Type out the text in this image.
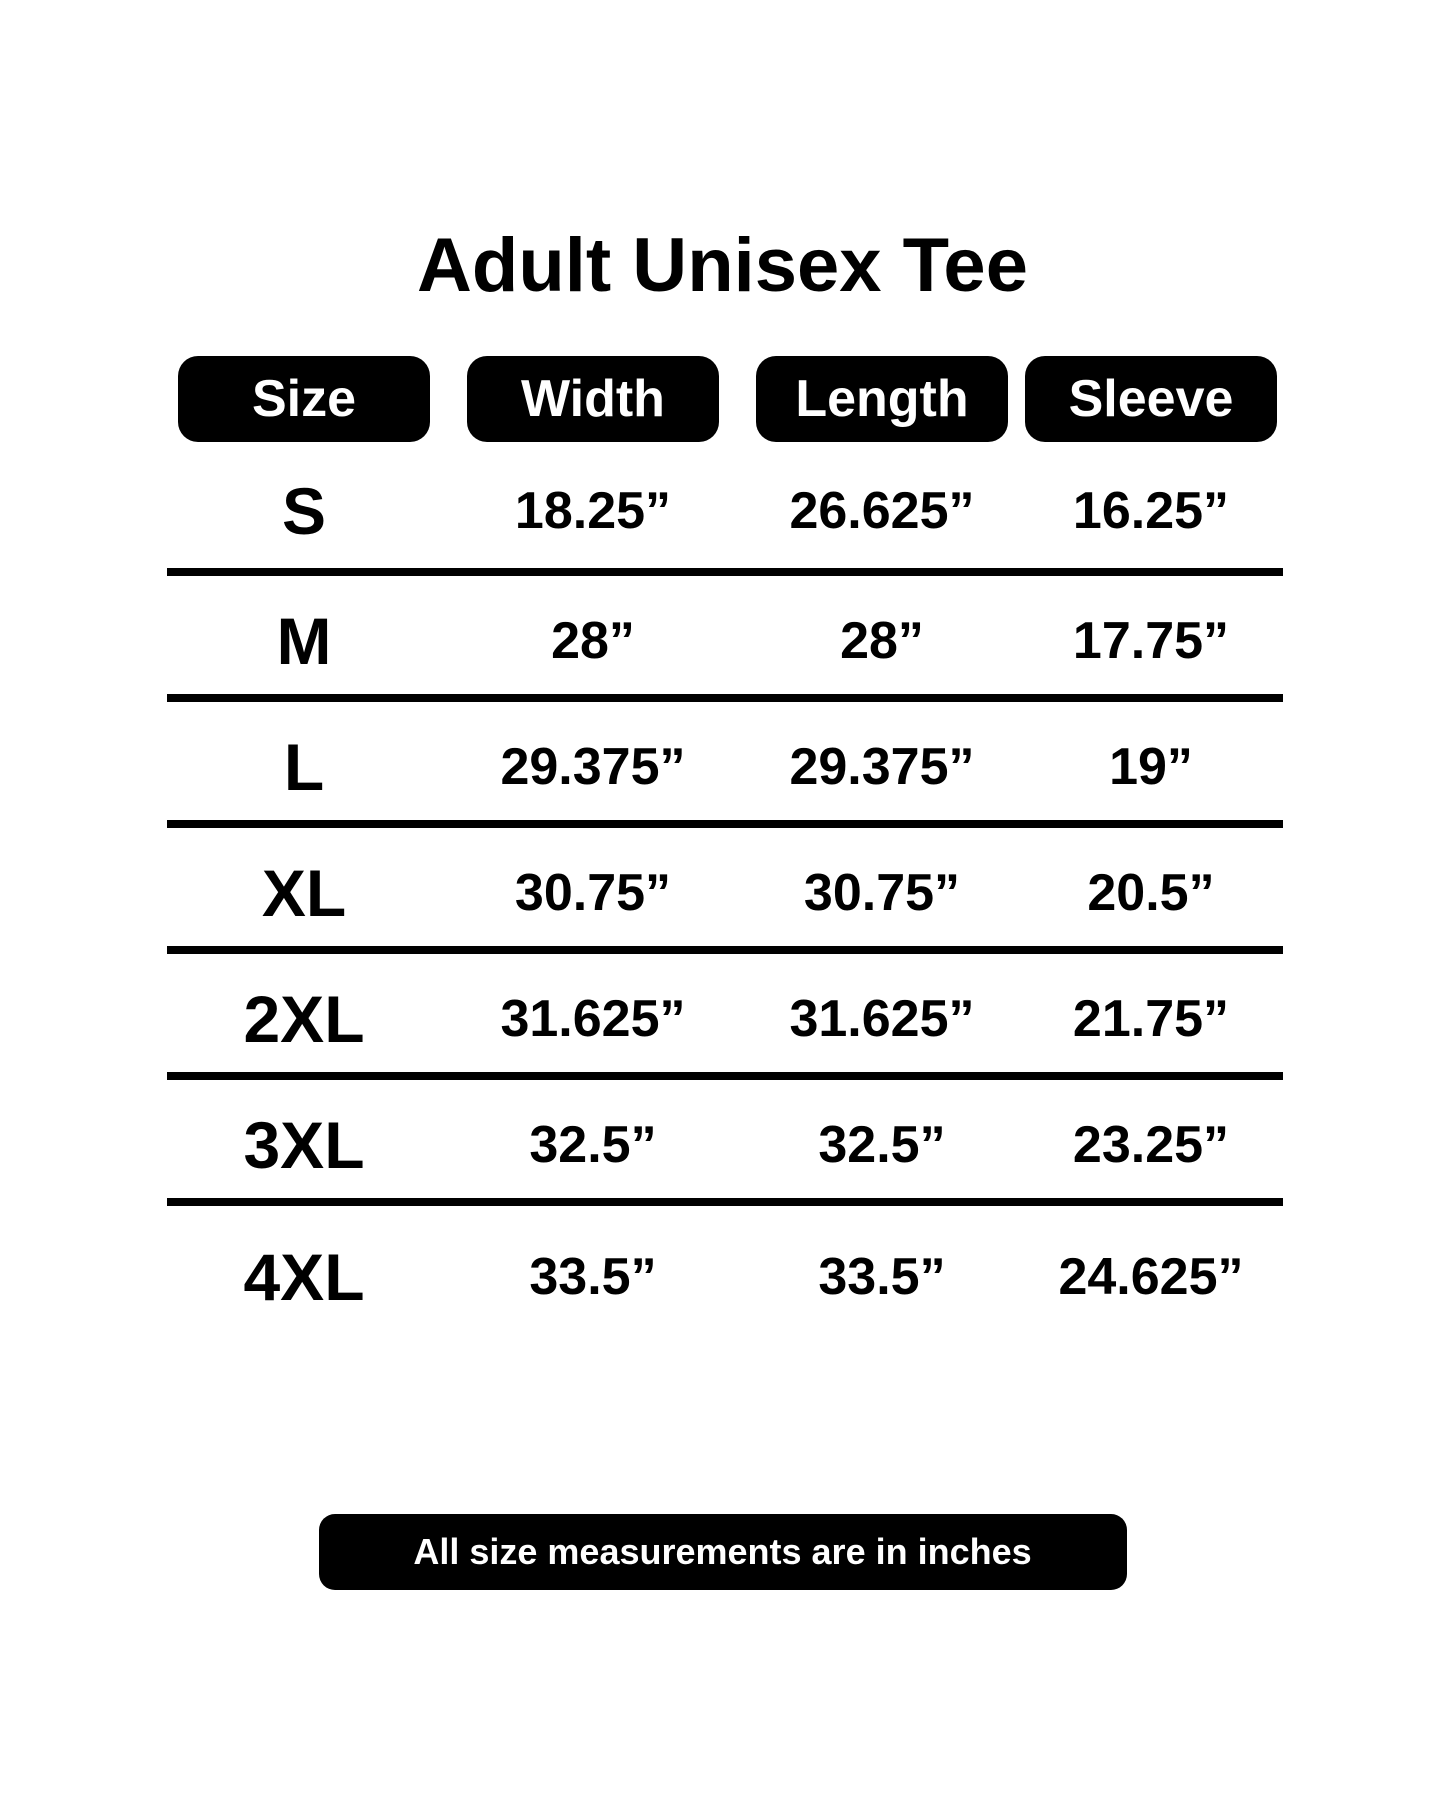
Adult Unisex Tee
Size	Width	Length	Sleeve
S	18.25”	26.625”	16.25”
M	28”	28”	17.75”
L	29.375”	29.375”	19”
XL	30.75”	30.75”	20.5”
2XL	31.625”	31.625”	21.75”
3XL	32.5”	32.5”	23.25”
4XL	33.5”	33.5”	24.625”
All size measurements are in inches
